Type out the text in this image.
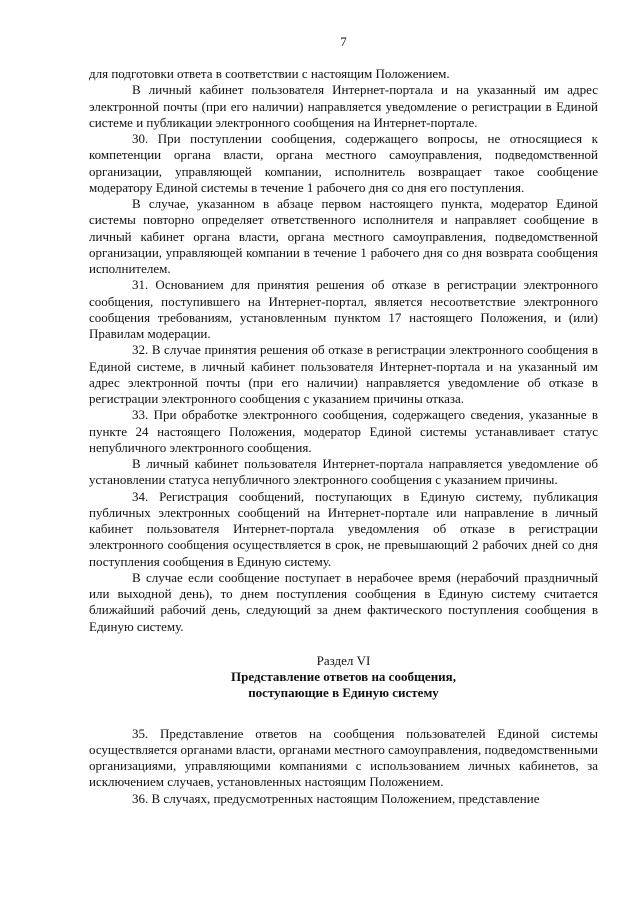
7

для подготовки ответа в соответствии с настоящим Положением.

В личный кабинет пользователя Интернет-портала и на указанный им адрес электронной почты (при его наличии) направляется уведомление о регистрации в Единой системе и публикации электронного сообщения на Интернет-портале.

30. При поступлении сообщения, содержащего вопросы, не относящиеся к компетенции органа власти, органа местного самоуправления, подведомственной организации, управляющей компании, исполнитель возвращает такое сообщение модератору Единой системы в течение 1 рабочего дня со дня его поступления.

В случае, указанном в абзаце первом настоящего пункта, модератор Единой системы повторно определяет ответственного исполнителя и направляет сообщение в личный кабинет органа власти, органа местного самоуправления, подведомственной организации, управляющей компании в течение 1 рабочего дня со дня возврата сообщения исполнителем.

31. Основанием для принятия решения об отказе в регистрации электронного сообщения, поступившего на Интернет-портал, является несоответствие электронного сообщения требованиям, установленным пунктом 17 настоящего Положения, и (или) Правилам модерации.

32. В случае принятия решения об отказе в регистрации электронного сообщения в Единой системе, в личный кабинет пользователя Интернет-портала и на указанный им адрес электронной почты (при его наличии) направляется уведомление об отказе в регистрации электронного сообщения с указанием причины отказа.

33. При обработке электронного сообщения, содержащего сведения, указанные в пункте 24 настоящего Положения, модератор Единой системы устанавливает статус непубличного электронного сообщения.

В личный кабинет пользователя Интернет-портала направляется уведомление об установлении статуса непубличного электронного сообщения с указанием причины.

34. Регистрация сообщений, поступающих в Единую систему, публикация публичных электронных сообщений на Интернет-портале или направление в личный кабинет пользователя Интернет-портала уведомления об отказе в регистрации электронного сообщения осуществляется в срок, не превышающий 2 рабочих дней со дня поступления сообщения в Единую систему.

В случае если сообщение поступает в нерабочее время (нерабочий праздничный или выходной день), то днем поступления сообщения в Единую систему считается ближайший рабочий день, следующий за днем фактического поступления сообщения в Единую систему.

Раздел VI
Представление ответов на сообщения,
поступающие в Единую систему

35. Представление ответов на сообщения пользователей Единой системы осуществляется органами власти, органами местного самоуправления, подведомственными организациями, управляющими компаниями с использованием личных кабинетов, за исключением случаев, установленных настоящим Положением.

36. В случаях, предусмотренных настоящим Положением, представление
